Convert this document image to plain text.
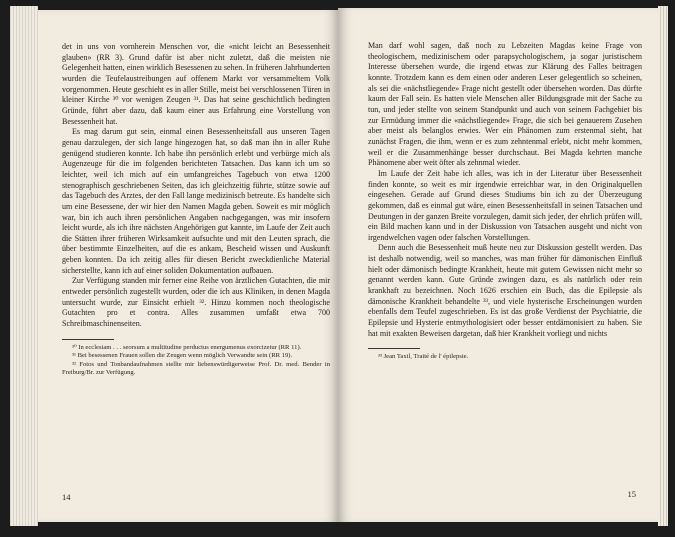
det in uns von vornherein Menschen vor, die «nicht leicht an Besessenheit glauben» (RR 3). Grund dafür ist aber nicht zuletzt, daß die meisten nie Gelegenheit hatten, einen wirklich Besessenen zu sehen. In früheren Jahrhunderten wurden die Teufelaustreibungen auf offenem Markt vor versammeltem Volk vorgenommen. Heute geschieht es in aller Stille, meist bei verschlossenen Türen in kleiner Kirche ³⁰ vor wenigen Zeugen ³¹. Das hat seine geschichtlich bedingten Gründe, führt aber dazu, daß kaum einer aus Erfahrung eine Vorstellung von Besessenheit hat.

Es mag darum gut sein, einmal einen Besessenheitsfall aus unseren Tagen genau darzulegen, der sich lange hingezogen hat, so daß man ihn in aller Ruhe genügend studieren konnte. Ich habe ihn persönlich erlebt und verbürge mich als Augenzeuge für die im folgenden berichteten Tatsachen. Das kann ich um so leichter, weil ich mich auf ein umfangreiches Tagebuch von etwa 1200 stenographisch geschriebenen Seiten, das ich gleichzeitig führte, stütze sowie auf das Tagebuch des Arztes, der den Fall lange medizinisch betreute. Es handelte sich um eine Besessene, der wir hier den Namen Magda geben. Soweit es mir möglich war, bin ich auch ihren persönlichen Angaben nachgegangen, was mir insofern leicht wurde, als ich ihre nächsten Angehörigen gut kannte, im Laufe der Zeit auch die Stätten ihrer früheren Wirksamkeit aufsuchte und mit den Leuten sprach, die über bestimmte Einzelheiten, auf die es ankam, Bescheid wissen und Auskunft geben konnten. Da ich zeitig alles für diesen Bericht zweckdienliche Material sicherstellte, kann ich auf einer soliden Dokumentation aufbauen.

Zur Verfügung standen mir ferner eine Reihe von ärztlichen Gutachten, die mir entweder persönlich zugestellt wurden, oder die ich aus Kliniken, in denen Magda untersucht wurde, zur Einsicht erhielt ³². Hinzu kommen noch theologische Gutachten pro et contra. Alles zusammen umfaßt etwa 700 Schreibmaschinenseiten.

³⁰ In ecclesiam . . . seorsum a multitudine perductus energumenus exorcizetur (RR 11).

³¹ Bei besessenen Frauen sollen die Zeugen wenn möglich Verwandte sein (RR 19).

³² Fotos und Tonbandaufnahmen stellte mir liebenswürdigerweise Prof. Dr. med. Bender in Freiburg/Br. zur Verfügung.

14

Man darf wohl sagen, daß noch zu Lebzeiten Magdas keine Frage von theologischem, medizinischem oder parapsychologischem, ja sogar juristischem Interesse übersehen wurde, die irgend etwas zur Klärung des Falles beitragen konnte. Trotzdem kann es dem einen oder anderen Leser gelegentlich so scheinen, als sei die «nächstliegende» Frage nicht gestellt oder übersehen worden. Das dürfte kaum der Fall sein. Es hatten viele Menschen aller Bildungsgrade mit der Sache zu tun, und jeder stellte von seinem Standpunkt und auch von seinem Fachgebiet bis zur Ermüdung immer die «nächstliegende» Frage, die sich bei genauerem Zusehen aber meist als belanglos erwies. Wer ein Phänomen zum erstenmal sieht, hat zunächst Fragen, die ihm, wenn er es zum zehntenmal erlebt, nicht mehr kommen, weil er die Zusammenhänge besser durchschaut. Bei Magda kehrten manche Phänomene aber weit öfter als zehnmal wieder.

Im Laufe der Zeit habe ich alles, was ich in der Literatur über Besessenheit finden konnte, so weit es mir irgendwie erreichbar war, in den Originalquellen eingesehen. Gerade auf Grund dieses Studiums bin ich zu der Überzeugung gekommen, daß es einmal gut wäre, einen Besessenheitsfall in seinen Tatsachen und Deutungen in der ganzen Breite vorzulegen, damit sich jeder, der ehrlich prüfen will, ein Bild machen kann und in der Diskussion von Tatsachen ausgeht und nicht von irgendwelchen vagen oder falschen Vorstellungen.

Denn auch die Besessenheit muß heute neu zur Diskussion gestellt werden. Das ist deshalb notwendig, weil so manches, was man früher für dämonischen Einfluß hielt oder dämonisch bedingte Krankheit, heute mit gutem Gewissen nicht mehr so genannt werden kann. Gute Gründe zwingen dazu, es als natürlich oder rein krankhaft zu bezeichnen. Noch 1626 erschien ein Buch, das die Epilepsie als dämonische Krankheit behandelte ³³, und viele hysterische Erscheinungen wurden ebenfalls dem Teufel zugeschrieben. Es ist das große Verdienst der Psychiatrie, die Epilepsie und Hysterie entmythologisiert oder besser entdämonisiert zu haben. Sie hat mit exakten Beweisen dargetan, daß hier Krankheit vorliegt und nichts

³³ Jean Taxil, Traité de l' épilepsie.

15
